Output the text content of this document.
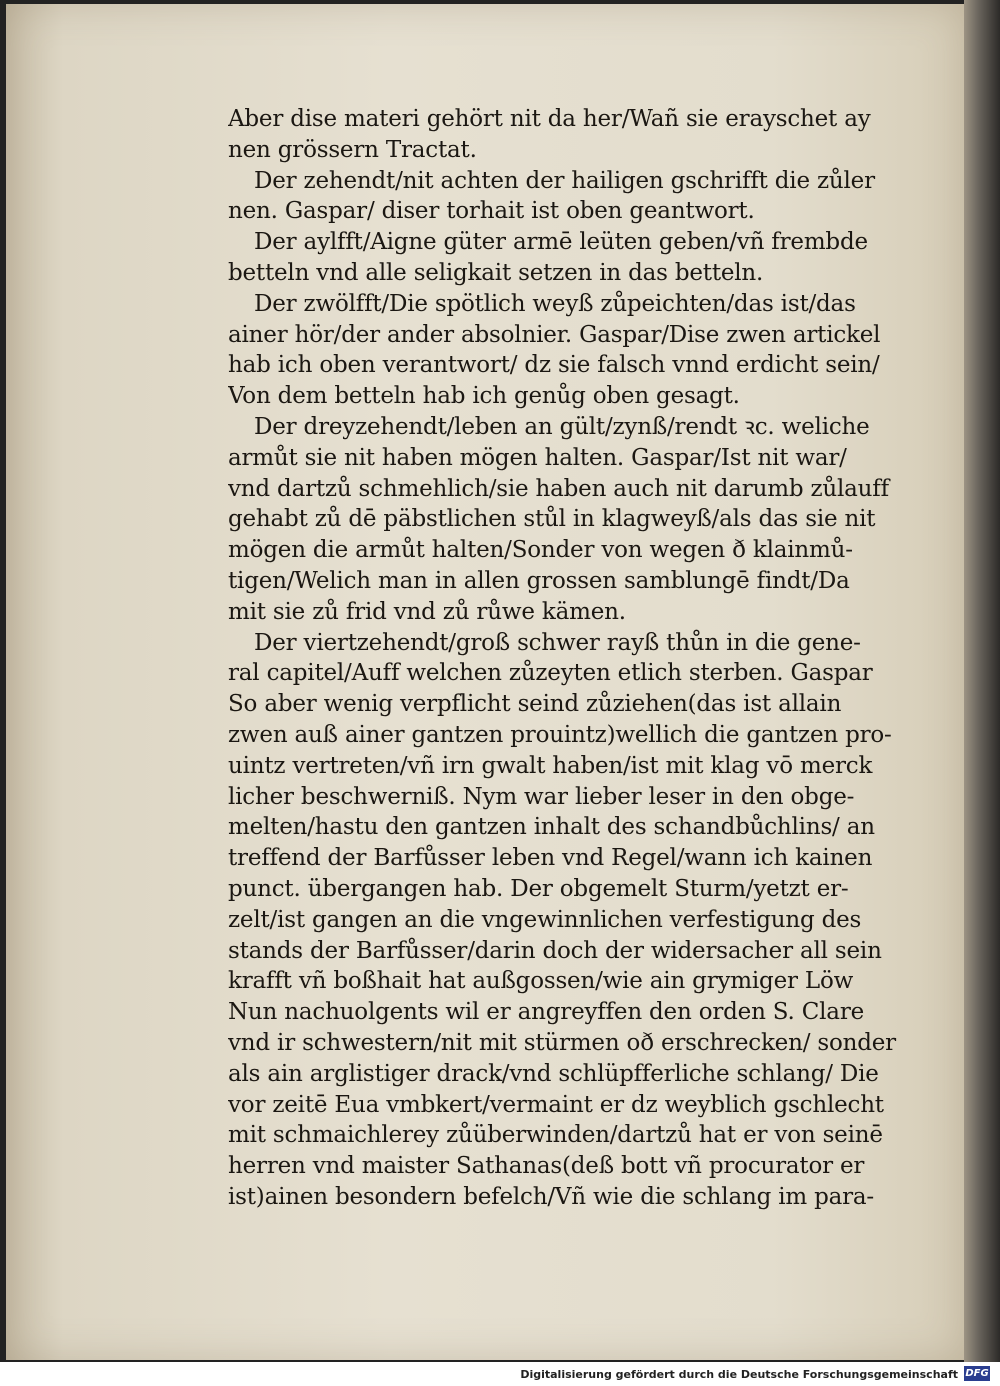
Aber dise materi gehört nit da her/Wañ sie erayschet ay
nen grössern Tractat.
Der zehendt/nit achten der hailigen gschrifft die zůler
nen. Gaspar/ diser torhait ist oben geantwort.
Der aylfft/Aigne güter armē leüten geben/vñ frembde
betteln vnd alle seligkait setzen in das betteln.
Der zwölfft/Die spötlich weyß zůpeichten/das ist/das
ainer hör/der ander absolnier. Gaspar/Dise zwen artickel
hab ich oben verantwort/ dz sie falsch vnnd erdicht sein/
Von dem betteln hab ich genůg oben gesagt.
Der dreyzehendt/leben an gült/zynß/rendt ꝛc. weliche
armůt sie nit haben mögen halten. Gaspar/Ist nit war/
vnd dartzů schmehlich/sie haben auch nit darumb zůlauff
gehabt zů dē päbstlichen stůl in klagweyß/als das sie nit
mögen die armůt halten/Sonder von wegen ð klainmů-
tigen/Welich man in allen grossen samblungē findt/Da
mit sie zů frid vnd zů růwe kämen.
Der viertzehendt/groß schwer rayß thůn in die gene-
ral capitel/Auff welchen zůzeyten etlich sterben. Gaspar
So aber wenig verpflicht seind zůziehen(das ist allain
zwen auß ainer gantzen prouintz)wellich die gantzen pro-
uintz vertreten/vñ irn gwalt haben/ist mit klag vō merck
licher beschwerniß. Nym war lieber leser in den obge-
melten/hastu den gantzen inhalt des schandbůchlins/ an
treffend der Barfůsser leben vnd Regel/wann ich kainen
punct. übergangen hab. Der obgemelt Sturm/yetzt er-
zelt/ist gangen an die vngewinnlichen verfestigung des
stands der Barfůsser/darin doch der widersacher all sein
krafft vñ boßhait hat außgossen/wie ain grymiger Löw
Nun nachuolgents wil er angreyffen den orden S. Clare
vnd ir schwestern/nit mit stürmen oð erschrecken/ sonder
als ain arglistiger drack/vnd schlüpfferliche schlang/ Die
vor zeitē Eua vmbkert/vermaint er dz weyblich gschlecht
mit schmaichlerey zůüberwinden/dartzů hat er von seinē
herren vnd maister Sathanas(deß bott vñ procurator er
ist)ainen besondern befelch/Vñ wie die schlang im para-
Digitalisierung gefördert durch die Deutsche Forschungsgemeinschaft DFG
